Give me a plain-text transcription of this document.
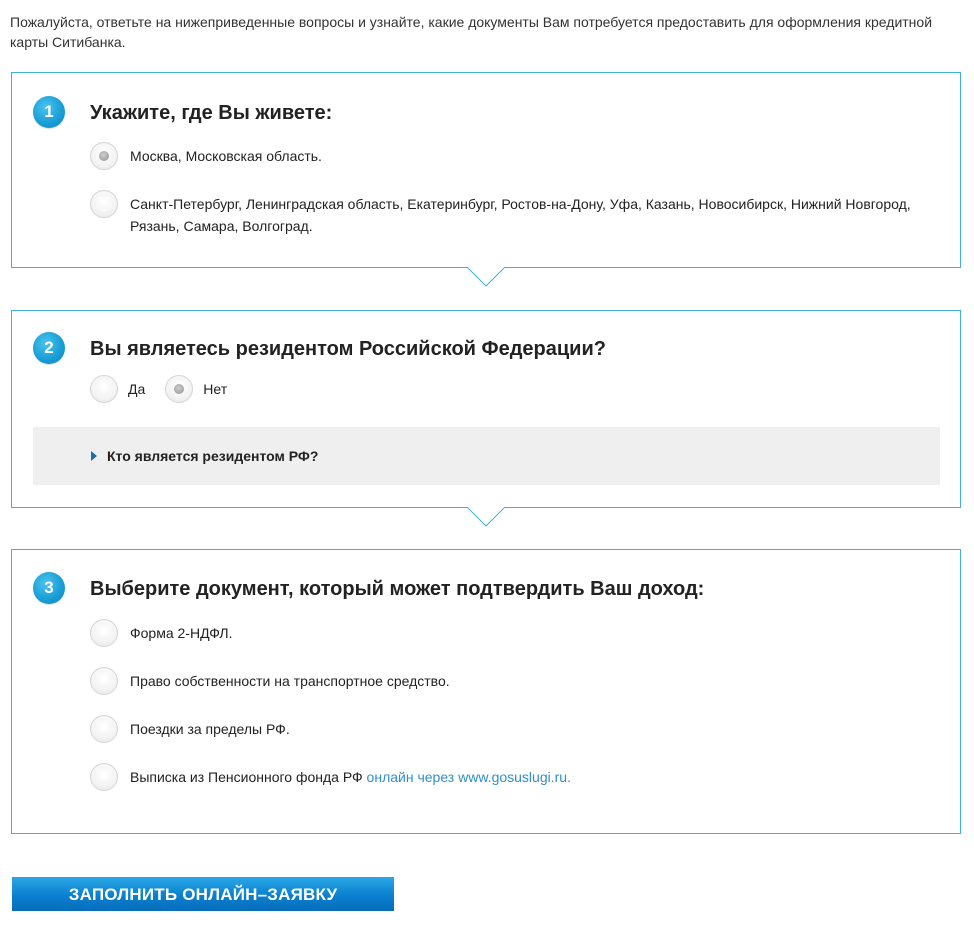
Пожалуйста, ответьте на нижеприведенные вопросы и узнайте, какие документы Вам потребуется предоставить для оформления кредитной карты Ситибанка.
1	Укажите, где Вы живете:
Москва, Московская область.
Санкт-Петербург, Ленинградская область, Екатеринбург, Ростов-на-Дону, Уфа, Казань, Новосибирск, Нижний Новгород, Рязань, Самара, Волгоград.
2	Вы являетесь резидентом Российской Федерации?
Да	Нет
Кто является резидентом РФ?
3	Выберите документ, который может подтвердить Ваш доход:
Форма 2-НДФЛ.
Право собственности на транспортное средство.
Поездки за пределы РФ.
Выписка из Пенсионного фонда РФ онлайн через www.gosuslugi.ru.
ЗАПОЛНИТЬ ОНЛАЙН–ЗАЯВКУ
